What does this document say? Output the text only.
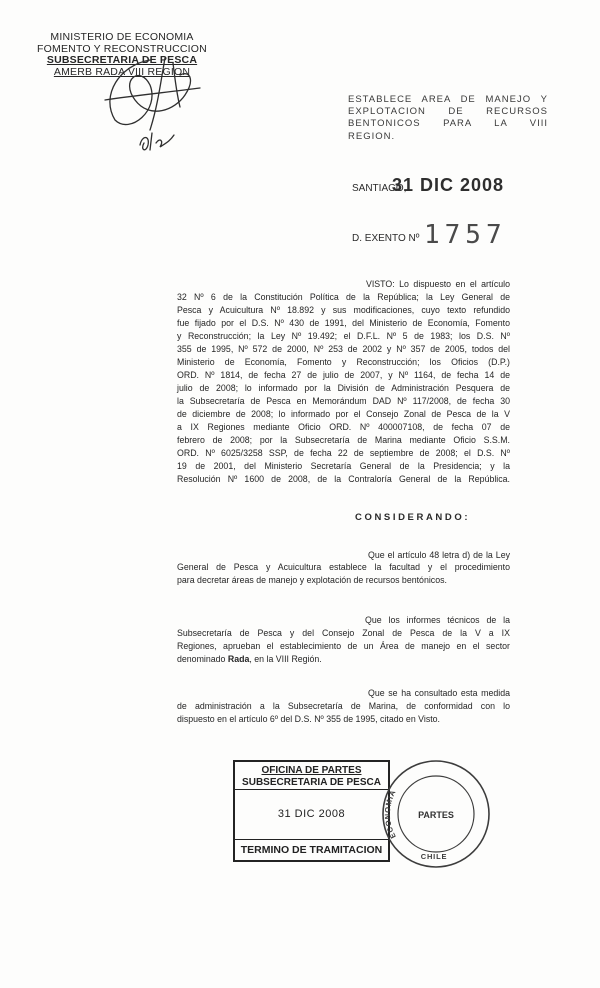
MINISTERIO DE ECONOMIA
FOMENTO Y RECONSTRUCCION
SUBSECRETARIA DE PESCA
AMERB RADA VIII REGION
ESTABLECE AREA DE MANEJO Y
EXPLOTACION DE RECURSOS
BENTONICOS PARA LA VIII
REGION.
SANTIAGO,
31 DIC 2008
D. EXENTO Nº 1757
VISTO: Lo dispuesto en el artículo
32 Nº 6 de la Constitución Política de la República; la Ley General de
Pesca y Acuicultura Nº 18.892 y sus modificaciones, cuyo texto refundido
fue fijado por el D.S. Nº 430 de 1991, del Ministerio de Economía, Fomento
y Reconstrucción; la Ley Nº 19.492; el D.F.L. Nº 5 de 1983; los D.S. Nº
355 de 1995, Nº 572 de 2000, Nº 253 de 2002 y Nº 357 de 2005, todos del
Ministerio de Economía, Fomento y Reconstrucción; los Oficios (D.P.)
ORD. Nº 1814, de fecha 27 de julio de 2007, y Nº 1164, de fecha 14 de
julio de 2008; lo informado por la División de Administración Pesquera de
la Subsecretaría de Pesca en Memorándum DAD Nº 117/2008, de fecha 30
de diciembre de 2008; lo informado por el Consejo Zonal de Pesca de la V
a IX Regiones mediante Oficio ORD. Nº 400007108, de fecha 07 de
febrero de 2008; por la Subsecretaría de Marina mediante Oficio S.S.M.
ORD. Nº 6025/3258 SSP, de fecha 22 de septiembre de 2008; el D.S. Nº
19 de 2001, del Ministerio Secretaría General de la Presidencia; y la
Resolución Nº 1600 de 2008, de la Contraloría General de la República.
CONSIDERANDO:
Que el artículo 48 letra d) de la Ley
General de Pesca y Acuicultura establece la facultad y el procedimiento
para decretar áreas de manejo y explotación de recursos bentónicos.
Que los informes técnicos de la
Subsecretaría de Pesca y del Consejo Zonal de Pesca de la V a IX
Regiones, aprueban el establecimiento de un Área de manejo en el sector
denominado Rada, en la VIII Región.
Que se ha consultado esta medida
de administración a la Subsecretaría de Marina, de conformidad con lo
dispuesto en el artículo 6º del D.S. Nº 355 de 1995, citado en Visto.
OFICINA DE PARTES
SUBSECRETARIA DE PESCA
31 DIC 2008
TERMINO DE TRAMITACION
ECONOMIA
PARTES
CHILE
